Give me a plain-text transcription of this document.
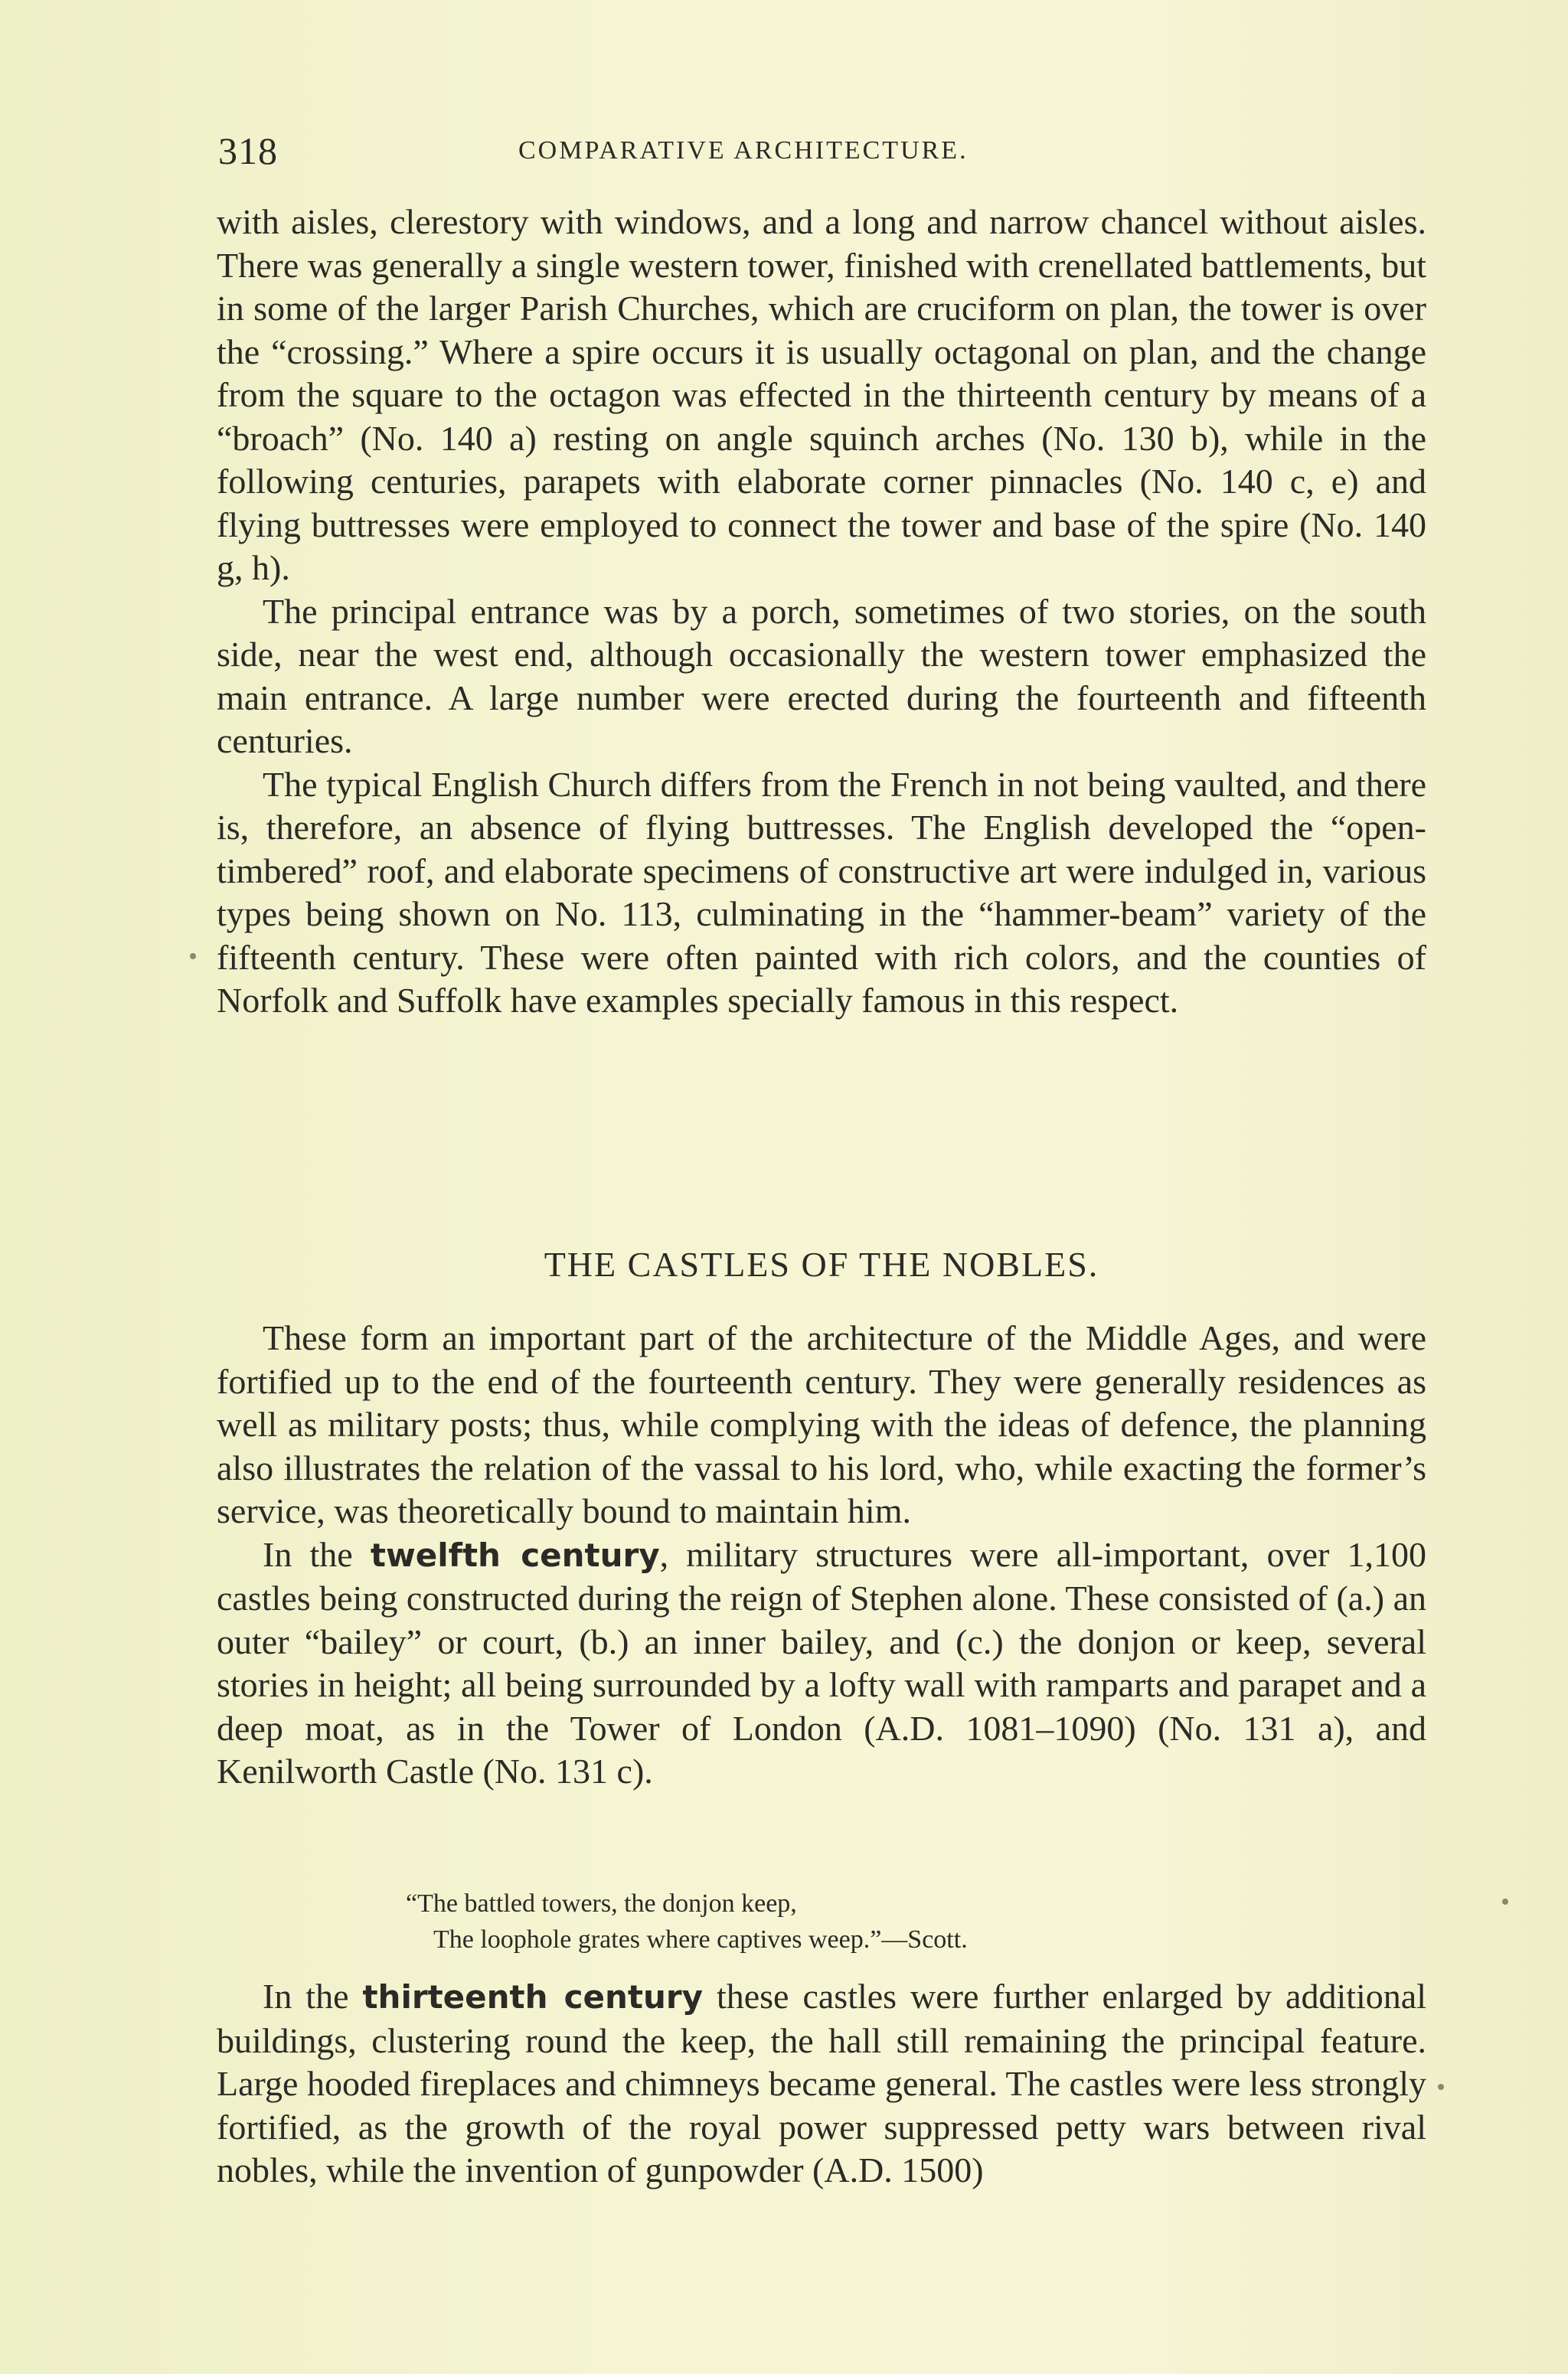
318	COMPARATIVE ARCHITECTURE.

with aisles, clerestory with windows, and a long and narrow chancel without aisles. There was generally a single western tower, finished with crenellated battlements, but in some of the larger Parish Churches, which are cruciform on plan, the tower is over the “crossing.” Where a spire occurs it is usually octagonal on plan, and the change from the square to the octagon was effected in the thirteenth century by means of a “broach” (No. 140 a) resting on angle squinch arches (No. 130 b), while in the following centuries, parapets with elaborate corner pinnacles (No. 140 c, e) and flying buttresses were employed to connect the tower and base of the spire (No. 140 g, h).

The principal entrance was by a porch, sometimes of two stories, on the south side, near the west end, although occasionally the western tower emphasized the main entrance. A large number were erected during the fourteenth and fifteenth centuries.

The typical English Church differs from the French in not being vaulted, and there is, therefore, an absence of flying buttresses. The English developed the “open-timbered” roof, and elaborate specimens of constructive art were indulged in, various types being shown on No. 113, culminating in the “hammer-beam” variety of the fifteenth century. These were often painted with rich colors, and the counties of Norfolk and Suffolk have examples specially famous in this respect.

THE CASTLES OF THE NOBLES.

These form an important part of the architecture of the Middle Ages, and were fortified up to the end of the fourteenth century. They were generally residences as well as military posts; thus, while complying with the ideas of defence, the planning also illustrates the relation of the vassal to his lord, who, while exacting the former’s service, was theoretically bound to maintain him.

In the twelfth century, military structures were all-important, over 1,100 castles being constructed during the reign of Stephen alone. These consisted of (a.) an outer “bailey” or court, (b.) an inner bailey, and (c.) the donjon or keep, several stories in height; all being surrounded by a lofty wall with ramparts and parapet and a deep moat, as in the Tower of London (A.D. 1081–1090) (No. 131 a), and Kenilworth Castle (No. 131 c).

“The battled towers, the donjon keep,
The loophole grates where captives weep.”—Scott.

In the thirteenth century these castles were further enlarged by additional buildings, clustering round the keep, the hall still remaining the principal feature. Large hooded fireplaces and chimneys became general. The castles were less strongly fortified, as the growth of the royal power suppressed petty wars between rival nobles, while the invention of gunpowder (A.D. 1500)
